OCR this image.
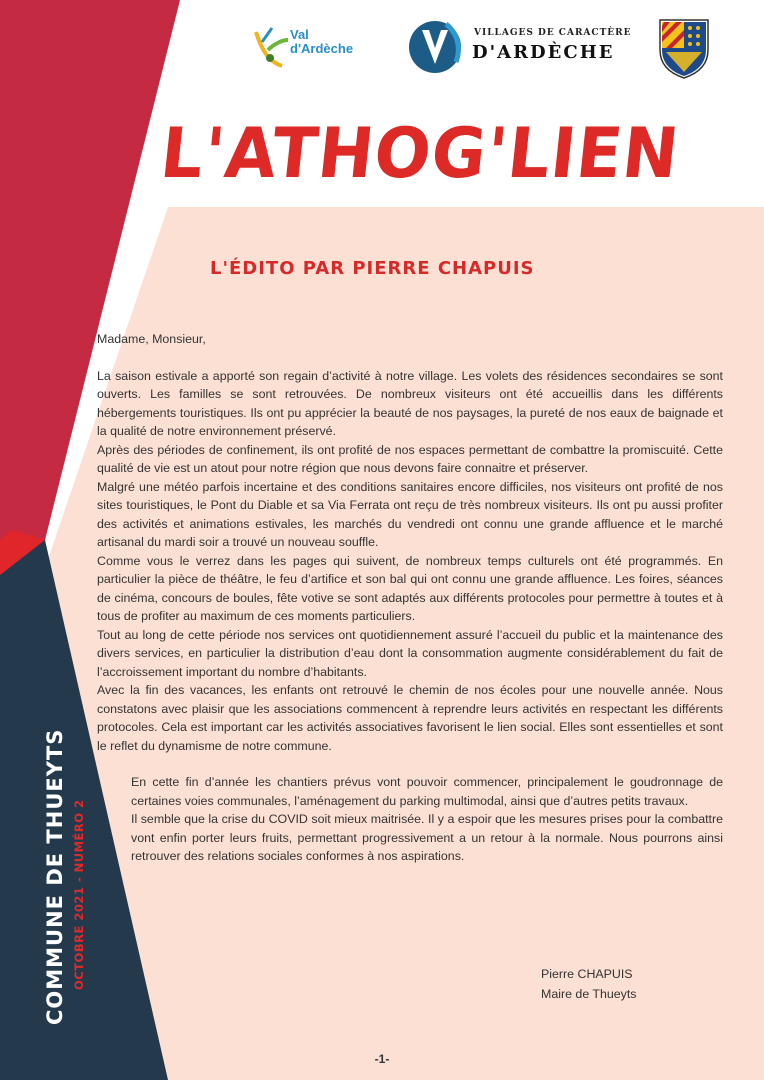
Val
d'Ardèche
VILLAGES DE CARACTÈRE
D'ARDÈCHE
L'ATHOG'LIEN
L'ÉDITO PAR PIERRE CHAPUIS

Madame, Monsieur,

La saison estivale a apporté son regain d’activité à notre village. Les volets des résidences secondaires se sont ouverts. Les familles se sont retrouvées. De nombreux visiteurs ont été accueillis dans les différents hébergements touristiques. Ils ont pu apprécier la beauté de nos paysages, la pureté de nos eaux de baignade et la qualité de notre environnement préservé.

Après des périodes de confinement, ils ont profité de nos espaces permettant de combattre la promiscuité. Cette qualité de vie est un atout pour notre région que nous devons faire connaitre et préserver.

Malgré une météo parfois incertaine et des conditions sanitaires encore difficiles, nos visiteurs ont profité de nos sites touristiques, le Pont du Diable et sa Via Ferrata ont reçu de très nombreux visiteurs. Ils ont pu aussi profiter des activités et animations estivales, les marchés du vendredi ont connu une grande affluence et le marché artisanal du mardi soir a trouvé un nouveau souffle.

Comme vous le verrez dans les pages qui suivent, de nombreux temps culturels ont été programmés. En particulier la pièce de théâtre, le feu d’artifice et son bal qui ont connu une grande affluence. Les foires, séances de cinéma, concours de boules, fête votive se sont adaptés aux différents protocoles pour permettre à toutes et à tous de profiter au maximum de ces moments particuliers.

Tout au long de cette période nos services ont quotidiennement assuré l’accueil du public et la maintenance des divers services, en particulier la distribution d’eau dont la consommation augmente considérablement du fait de l’accroissement important du nombre d’habitants.

Avec la fin des vacances, les enfants ont retrouvé le chemin de nos écoles pour une nouvelle année. Nous constatons avec plaisir que les associations commencent à reprendre leurs activités en respectant les différents protocoles. Cela est important car les activités associatives favorisent le lien social. Elles sont essentielles et sont le reflet du dynamisme de notre commune.

En cette fin d’année les chantiers prévus vont pouvoir commencer, principalement le goudronnage de certaines voies communales, l’aménagement du parking multimodal, ainsi que d’autres petits travaux.

Il semble que la crise du COVID soit mieux maitrisée. Il y a espoir que les mesures prises pour la combattre vont enfin porter leurs fruits, permettant progressivement a un retour à la normale. Nous pourrons ainsi retrouver des relations sociales conformes à nos aspirations.

Pierre CHAPUIS
Maire de Thueyts
COMMUNE DE THUEYTS OCTOBRE 2021 - NUMÉRO 2
-1-
